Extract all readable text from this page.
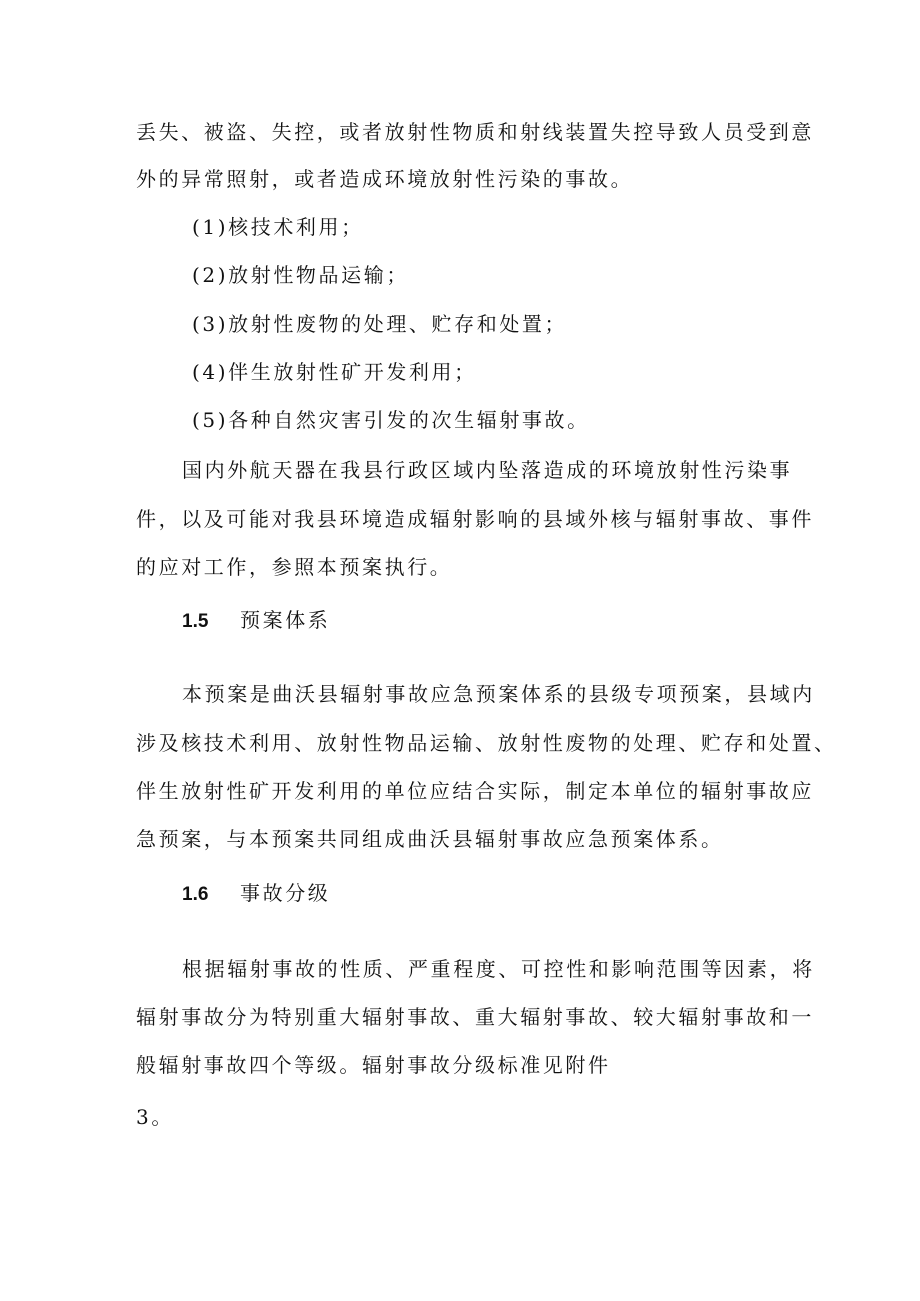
丢失、被盗、失控，或者放射性物质和射线装置失控导致人员受到意
外的异常照射，或者造成环境放射性污染的事故。
(1)核技术利用；
(2)放射性物品运输；
(3)放射性废物的处理、贮存和处置；
(4)伴生放射性矿开发利用；
(5)各种自然灾害引发的次生辐射事故。
国内外航天器在我县行政区域内坠落造成的环境放射性污染事
件，以及可能对我县环境造成辐射影响的县域外核与辐射事故、事件
的应对工作，参照本预案执行。
1.5 预案体系
本预案是曲沃县辐射事故应急预案体系的县级专项预案，县域内
涉及核技术利用、放射性物品运输、放射性废物的处理、贮存和处置、
伴生放射性矿开发利用的单位应结合实际，制定本单位的辐射事故应
急预案，与本预案共同组成曲沃县辐射事故应急预案体系。
1.6 事故分级
根据辐射事故的性质、严重程度、可控性和影响范围等因素，将
辐射事故分为特别重大辐射事故、重大辐射事故、较大辐射事故和一
般辐射事故四个等级。辐射事故分级标准见附件
3。
